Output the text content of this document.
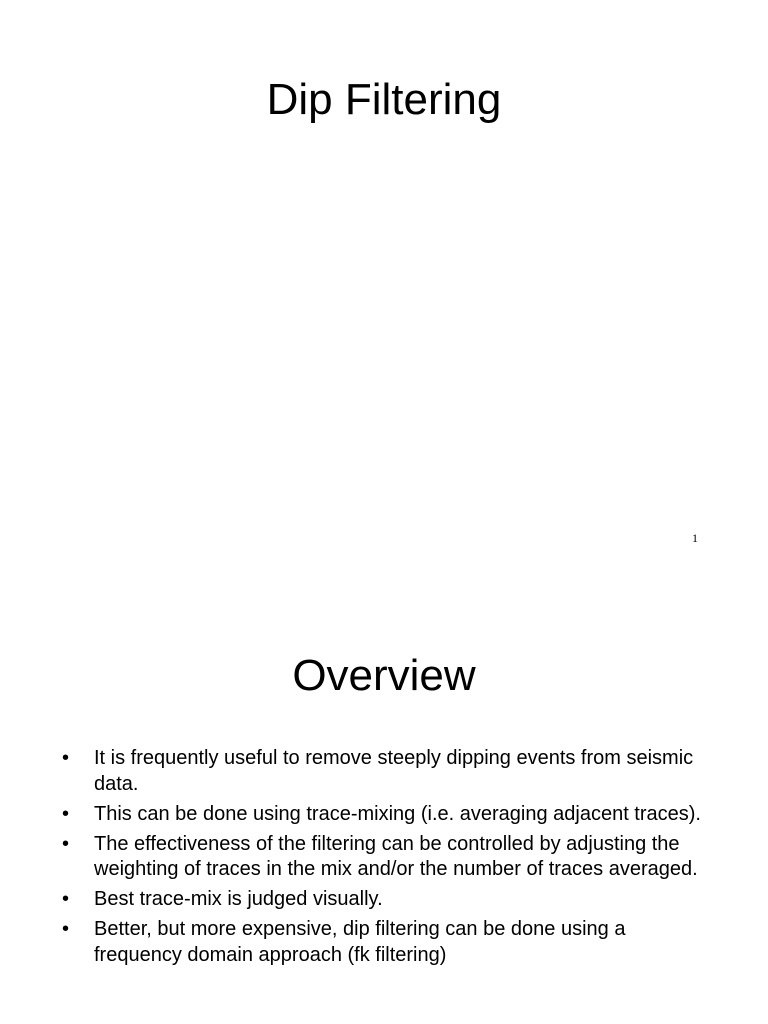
Dip Filtering
1
Overview
•	It is frequently useful to remove steeply dipping events from seismic data.
•	This can be done using trace-mixing (i.e. averaging adjacent traces).
•	The effectiveness of the filtering can be controlled by adjusting the weighting of traces in the mix and/or the number of traces averaged.
•	Best trace-mix is judged visually.
•	Better, but more expensive, dip filtering can be done using a frequency domain approach (fk filtering)
